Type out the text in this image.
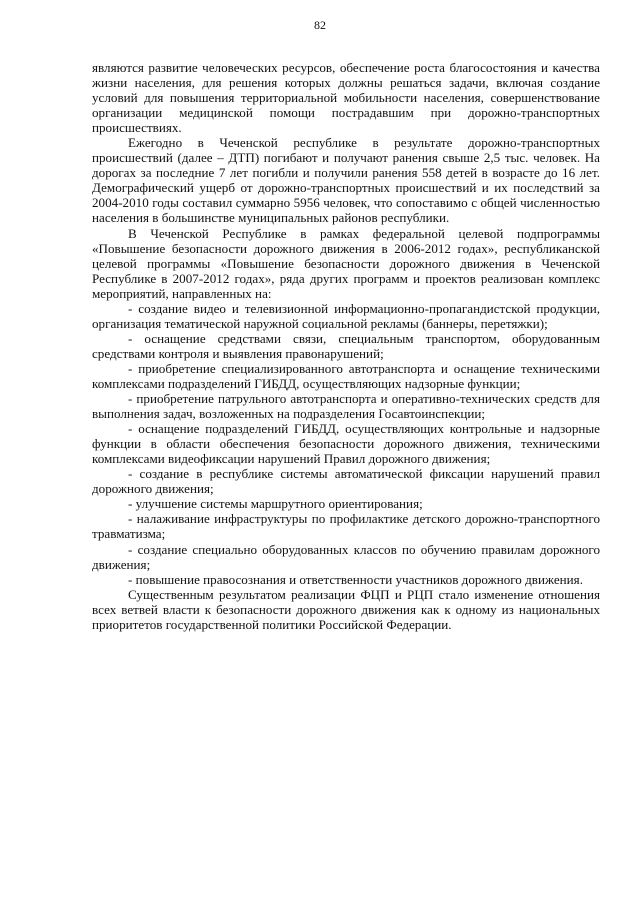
82

являются развитие человеческих ресурсов, обеспечение роста благосостояния и качества жизни населения, для решения которых должны решаться задачи, включая создание условий для повышения территориальной мобильности населения, совершенствование организации медицинской помощи пострадавшим при дорожно-транспортных происшествиях.

Ежегодно в Чеченской республике в результате дорожно-транспортных происшествий (далее – ДТП) погибают и получают ранения свыше 2,5 тыс. человек. На дорогах за последние 7 лет погибли и получили ранения 558 детей в возрасте до 16 лет. Демографический ущерб от дорожно-транспортных происшествий и их последствий за 2004-2010 годы составил суммарно 5956 человек, что сопоставимо с общей численностью населения в большинстве муниципальных районов республики.

В Чеченской Республике в рамках федеральной целевой подпрограммы «Повышение безопасности дорожного движения в 2006-2012 годах», республиканской целевой программы «Повышение безопасности дорожного движения в Чеченской Республике в 2007-2012 годах», ряда других программ и проектов реализован комплекс мероприятий, направленных на:

- создание видео и телевизионной информационно-пропагандистской продукции, организация тематической наружной социальной рекламы (баннеры, перетяжки);

- оснащение средствами связи, специальным транспортом, оборудованным средствами контроля и выявления правонарушений;

- приобретение специализированного автотранспорта и оснащение техническими комплексами подразделений ГИБДД, осуществляющих надзорные функции;

- приобретение патрульного автотранспорта и оперативно-технических средств для выполнения задач, возложенных на подразделения Госавтоинспекции;

- оснащение подразделений ГИБДД, осуществляющих контрольные и надзорные функции в области обеспечения безопасности дорожного движения, техническими комплексами видеофиксации нарушений Правил дорожного движения;

- создание в республике системы автоматической фиксации нарушений правил дорожного движения;

- улучшение системы маршрутного ориентирования;

- налаживание инфраструктуры по профилактике детского дорожно-транспортного травматизма;

- создание специально оборудованных классов по обучению правилам дорожного движения;

- повышение правосознания и ответственности участников дорожного движения.

Существенным результатом реализации ФЦП и РЦП стало изменение отношения всех ветвей власти к безопасности дорожного движения как к одному из национальных приоритетов государственной политики Российской Федерации.
